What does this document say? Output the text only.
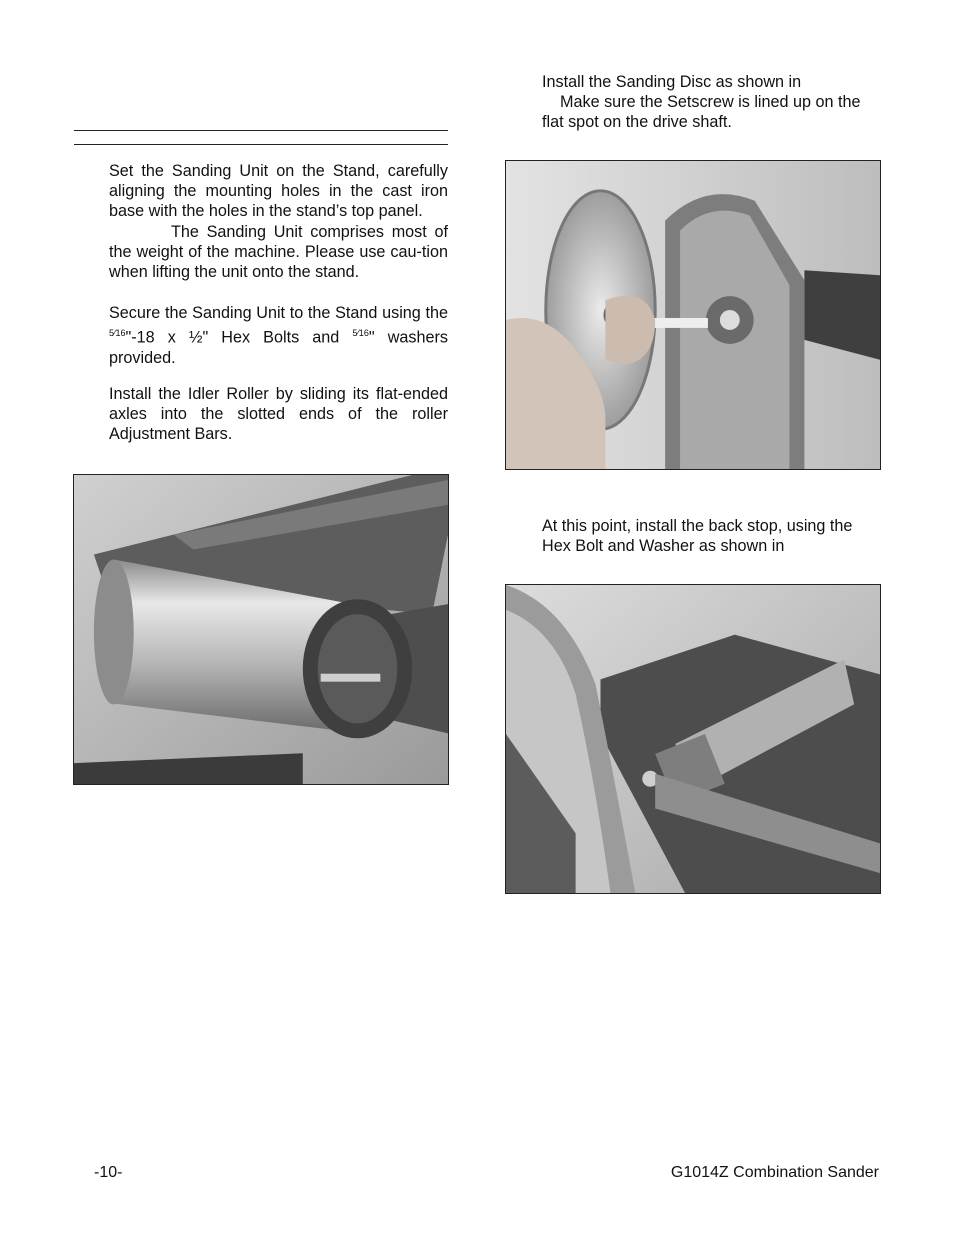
Set the Sanding Unit on the Stand, carefully aligning the mounting holes in the cast iron base with the holes in the stand’s top panel.
The Sanding Unit comprises most of the weight of the machine. Please use cau-tion when lifting the unit onto the stand.
Secure the Sanding Unit to the Stand using the $^{5⁄16}$"-18 x ½" Hex Bolts and $^{5⁄16}$" washers provided.
Install the Idler Roller by sliding its flat-ended axles into the slotted ends of the roller Adjustment Bars.
Install the Sanding Disc as shown in
Make sure the Setscrew is lined up on the flat spot on the drive shaft.
At this point, install the back stop, using the Hex Bolt and Washer as shown in
-10-	G1014Z Combination Sander
